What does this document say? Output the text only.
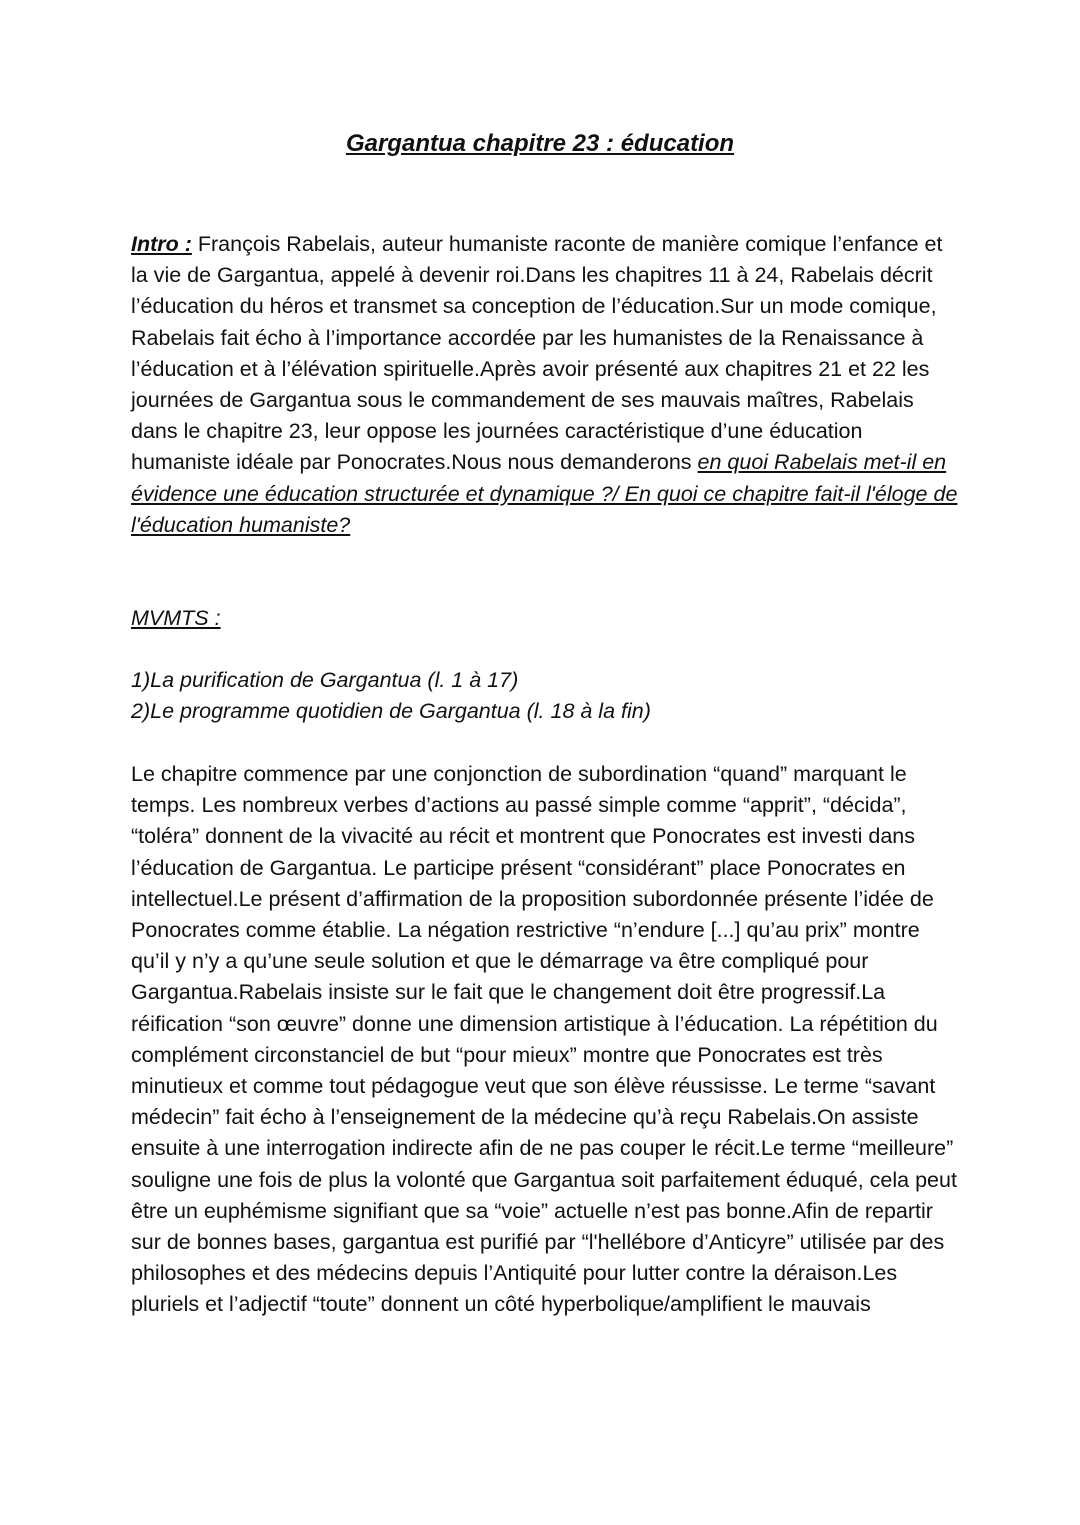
Gargantua chapitre 23 : éducation

Intro : François Rabelais, auteur humaniste raconte de manière comique l’enfance et la vie de Gargantua, appelé à devenir roi.Dans les chapitres 11 à 24, Rabelais décrit l’éducation du héros et transmet sa conception de l’éducation.Sur un mode comique, Rabelais fait écho à l’importance accordée par les humanistes de la Renaissance à l’éducation et à l’élévation spirituelle.Après avoir présenté aux chapitres 21 et 22 les journées de Gargantua sous le commandement de ses mauvais maîtres, Rabelais dans le chapitre 23, leur oppose les journées caractéristique d’une éducation humaniste idéale par Ponocrates.Nous nous demanderons en quoi Rabelais met-il en évidence une éducation structurée et dynamique ?/ En quoi ce chapitre fait-il l'éloge de l'éducation humaniste?

MVMTS :

1)La purification de Gargantua (l. 1 à 17)
2)Le programme quotidien de Gargantua (l. 18 à la fin)

Le chapitre commence par une conjonction de subordination “quand” marquant le temps. Les nombreux verbes d’actions au passé simple comme “apprit”, “décida”, “toléra” donnent de la vivacité au récit et montrent que Ponocrates est investi dans l’éducation de Gargantua. Le participe présent “considérant” place Ponocrates en intellectuel.Le présent d’affirmation de la proposition subordonnée présente l’idée de Ponocrates comme établie. La négation restrictive “n’endure [...] qu’au prix” montre qu’il y n’y a qu’une seule solution et que le démarrage va être compliqué pour Gargantua.Rabelais insiste sur le fait que le changement doit être progressif.La réification “son œuvre” donne une dimension artistique à l’éducation. La répétition du complément circonstanciel de but “pour mieux” montre que Ponocrates est très minutieux et comme tout pédagogue veut que son élève réussisse. Le terme “savant médecin” fait écho à l’enseignement de la médecine qu’à reçu Rabelais.On assiste ensuite à une interrogation indirecte afin de ne pas couper le récit.Le terme “meilleure” souligne une fois de plus la volonté que Gargantua soit parfaitement éduqué, cela peut être un euphémisme signifiant que sa “voie” actuelle n’est pas bonne.Afin de repartir sur de bonnes bases, gargantua est purifié par “l'hellébore d’Anticyre” utilisée par des philosophes et des médecins depuis l’Antiquité pour lutter contre la déraison.Les pluriels et l’adjectif “toute” donnent un côté hyperbolique/amplifient le mauvais
